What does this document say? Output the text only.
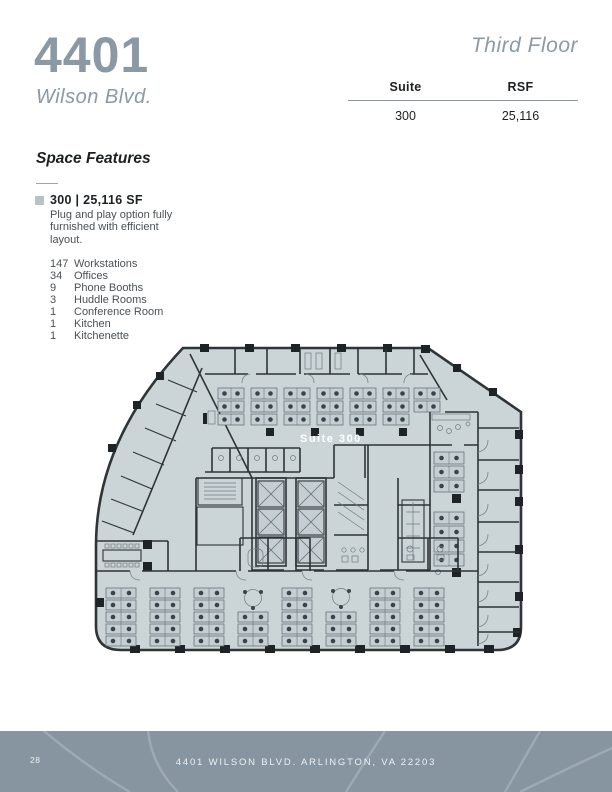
4401
Wilson Blvd.
Third Floor
Suite	RSF
300	25,116
Space Features
300 | 25,116 SF
Plug and play option fully furnished with efficient layout.
147 Workstations
34	Offices
9	Phone Booths
3	Huddle Rooms
1	Conference Room
1	Kitchen
1	Kitchenette
Suite 300
28	4401 WILSON BLVD. ARLINGTON, VA 22203
